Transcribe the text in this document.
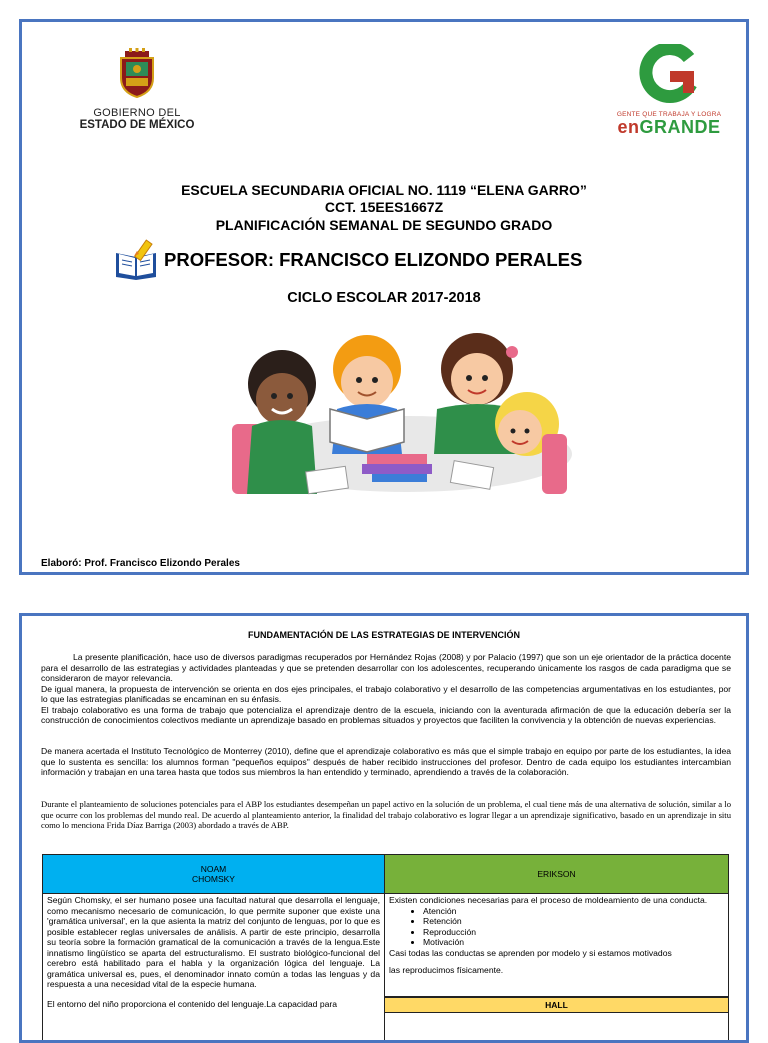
GOBIERNO DEL
ESTADO DE MÉXICO
GENTE QUE TRABAJA Y LOGRA
enGRANDE
ESCUELA SECUNDARIA OFICIAL NO. 1119 “ELENA GARRO”
CCT. 15EES1667Z
PLANIFICACIÓN SEMANAL DE SEGUNDO GRADO
PROFESOR: FRANCISCO ELIZONDO PERALES
CICLO ESCOLAR 2017-2018
Elaboró: Prof. Francisco Elizondo Perales
FUNDAMENTACIÓN DE LAS ESTRATEGIAS DE INTERVENCIÓN

La presente planificación, hace uso de diversos paradigmas recuperados por Hernández Rojas (2008) y por Palacio (1997) que son un eje orientador de la práctica docente para el desarrollo de las estrategias y actividades planteadas y que se pretenden desarrollar con los adolescentes, recuperando únicamente los rasgos de cada paradigma que se consideraron de mayor relevancia.

De igual manera, la propuesta de intervención se orienta en dos ejes principales, el trabajo colaborativo y el desarrollo de las competencias argumentativas en los estudiantes, por lo que las estrategias planificadas se encaminan en su énfasis.

El trabajo colaborativo es una forma de trabajo que potencializa el aprendizaje dentro de la escuela, iniciando con la aventurada afirmación de que la educación debería ser la construcción de conocimientos colectivos mediante un aprendizaje basado en problemas situados y proyectos que faciliten la convivencia y la obtención de nuevas experiencias.

De manera acertada el Instituto Tecnológico de Monterrey (2010), define que el aprendizaje colaborativo es más que el simple trabajo en equipo por parte de los estudiantes, la idea que lo sustenta es sencilla: los alumnos forman "pequeños equipos" después de haber recibido instrucciones del profesor. Dentro de cada equipo los estudiantes intercambian información y trabajan en una tarea hasta que todos sus miembros la han entendido y terminado, aprendiendo a través de la colaboración.

Durante el planteamiento de soluciones potenciales para el ABP los estudiantes desempeñan un papel activo en la solución de un problema, el cual tiene más de una alternativa de solución, similar a lo que ocurre con los problemas del mundo real. De acuerdo al planteamiento anterior, la finalidad del trabajo colaborativo es lograr llegar a un aprendizaje significativo, basado en un aprendizaje in situ como lo menciona Frida Díaz Barriga (2003) abordado a través de ABP.

NOAM
CHOMSKY	ERIKSON

Según Chomsky, el ser humano posee una facultad natural que desarrolla el lenguaje, como mecanismo necesario de comunicación, lo que permite suponer que existe una 'gramática universal', en la que asienta la matriz del conjunto de lenguas, por lo que es posible establecer reglas universales de análisis. A partir de este principio, desarrolla su teoría sobre la formación gramatical de la comunicación a través de la lengua.Este innatismo lingüístico se aparta del estructuralismo. El sustrato biológico-funcional del cerebro está habilitado para el habla y la organización lógica del lenguaje. La gramática universal es, pues, el denominador innato común a todas las lenguas y da respuesta a una necesidad vital de la especie humana.

El entorno del niño proporciona el contenido del lenguaje.La capacidad para

Existen condiciones necesarias para el proceso de moldeamiento de una conducta.

• Atención
• Retención
• Reproducción
• Motivación

Casi todas las conductas se aprenden por modelo y si estamos motivados

las reproducimos físicamente.

HALL
